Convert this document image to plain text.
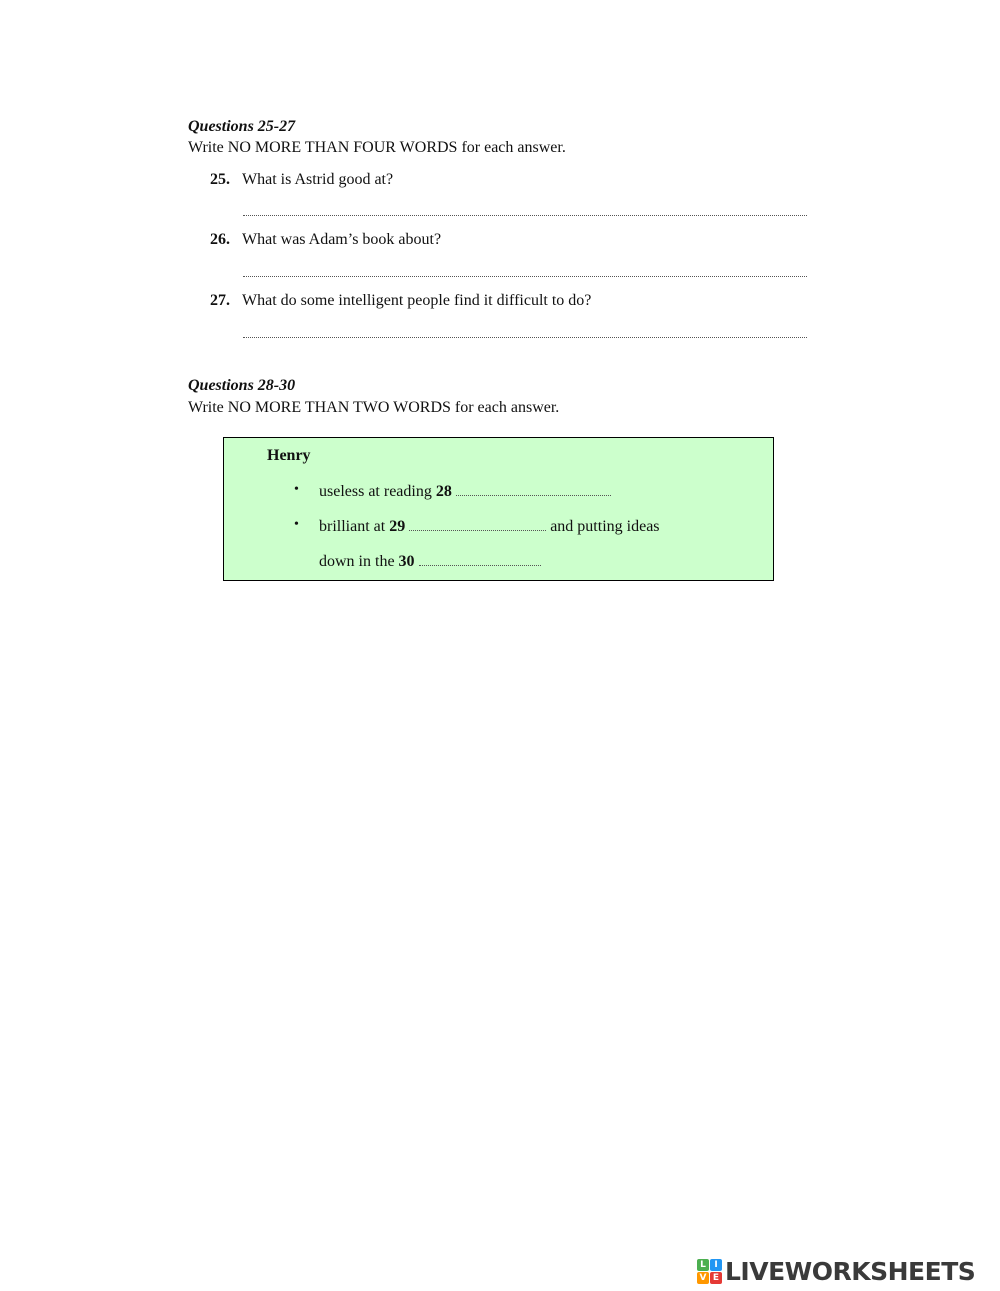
Questions 25-27
Write NO MORE THAN FOUR WORDS for each answer.
25. What is Astrid good at?
26. What was Adam’s book about?
27. What do some intelligent people find it difficult to do?
Questions 28-30
Write NO MORE THAN TWO WORDS for each answer.
Henry
• useless at reading 28
• brilliant at 29	and putting ideas
down in the 30
L I
V E LIVEWORKSHEETS
